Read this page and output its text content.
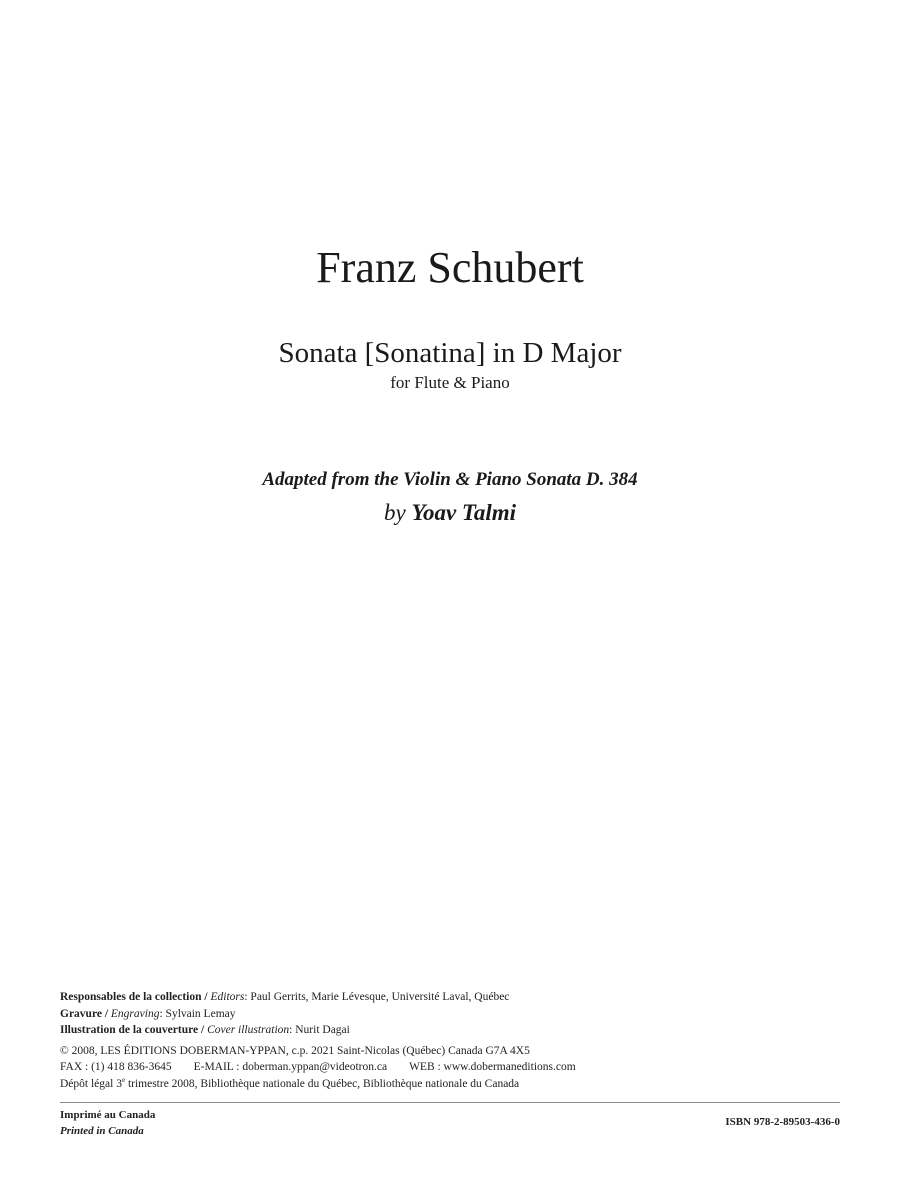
Franz Schubert
Sonata [Sonatina] in D Major
for Flute & Piano
Adapted from the Violin & Piano Sonata D. 384
by Yoav Talmi
Responsables de la collection / Editors: Paul Gerrits, Marie Lévesque, Université Laval, Québec
Gravure / Engraving: Sylvain Lemay
Illustration de la couverture / Cover illustration: Nurit Dagai
© 2008, LES ÉDITIONS DOBERMAN-YPPAN, c.p. 2021 Saint-Nicolas (Québec) Canada G7A 4X5
FAX : (1) 418 836-3645 E-MAIL : doberman.yppan@videotron.ca WEB : www.dobermaneditions.com
Dépôt légal 3e trimestre 2008, Bibliothèque nationale du Québec, Bibliothèque nationale du Canada
Imprimé au Canada
Printed in Canada
ISBN 978-2-89503-436-0
